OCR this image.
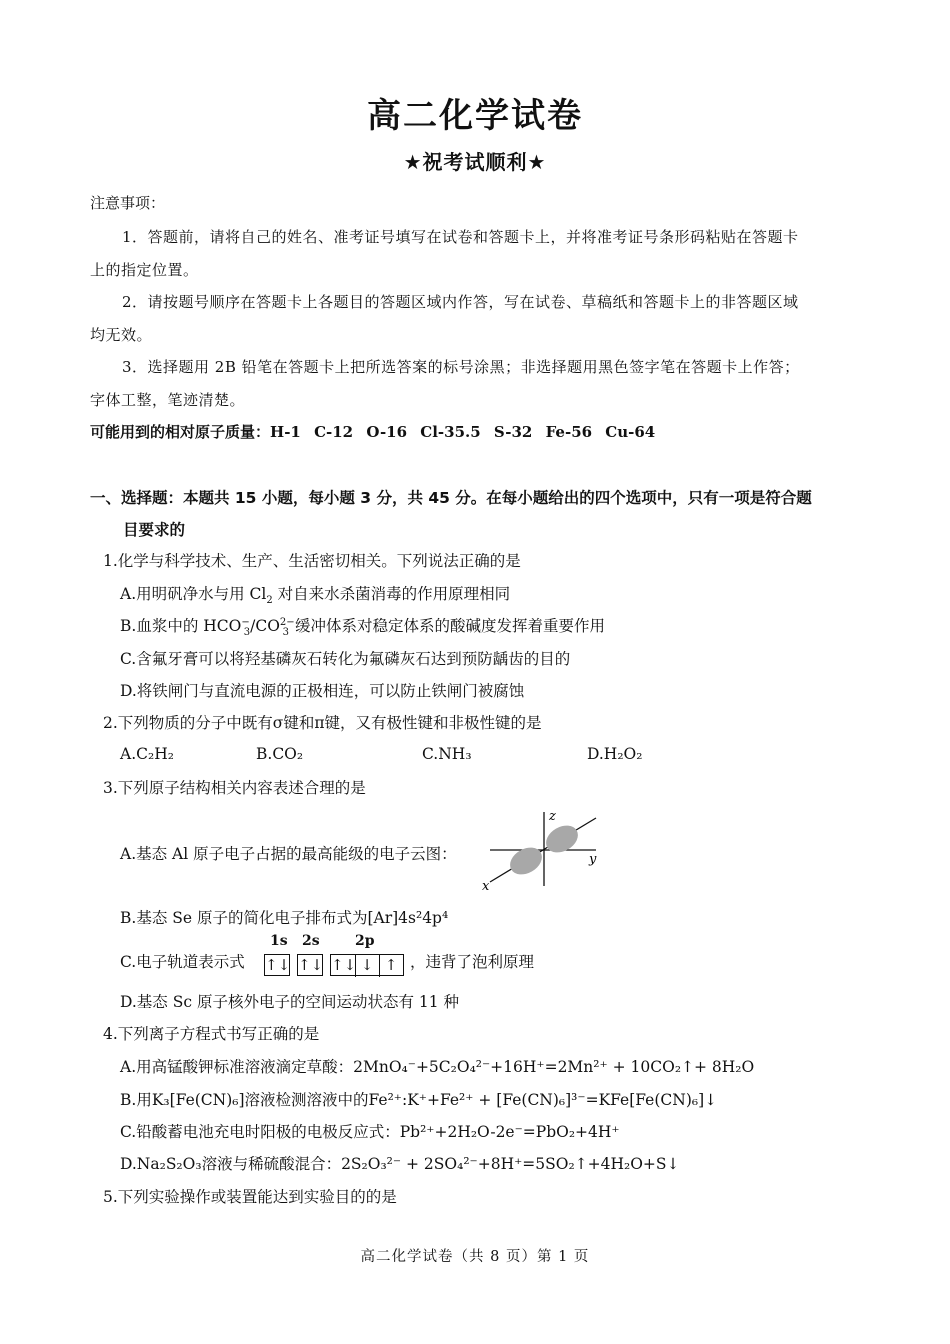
高二化学试卷
★祝考试顺利★
注意事项：
1．答题前，请将自己的姓名、准考证号填写在试卷和答题卡上，并将准考证号条形码粘贴在答题卡
上的指定位置。
2．请按题号顺序在答题卡上各题目的答题区域内作答，写在试卷、草稿纸和答题卡上的非答题区域
均无效。
3．选择题用 2B 铅笔在答题卡上把所选答案的标号涂黑；非选择题用黑色签字笔在答题卡上作答；
字体工整，笔迹清楚。
可能用到的相对原子质量：H-1 C-12 O-16 Cl-35.5 S-32 Fe-56 Cu-64
一、选择题：本题共 15 小题，每小题 3 分，共 45 分。在每小题给出的四个选项中，只有一项是符合题
目要求的
1.化学与科学技术、生产、生活密切相关。下列说法正确的是
A.用明矾净水与用 $Cl_2$ 对自来水杀菌消毒的作用原理相同
B.血浆中的 $HCO^-_3/CO^{2-}_3$ 缓冲体系对稳定体系的酸碱度发挥着重要作用
C.含氟牙膏可以将羟基磷灰石转化为氟磷灰石达到预防龋齿的目的
D.将铁闸门与直流电源的正极相连，可以防止铁闸门被腐蚀
2.下列物质的分子中既有σ键和π键，又有极性键和非极性键的是
A.C₂H₂	B.CO₂	C.NH₃	D.H₂O₂
3.下列原子结构相关内容表述合理的是
A.基态 Al 原子电子占据的最高能级的电子云图：
z
y
x
B.基态 Se 原子的简化电子排布式为[Ar]4s²4p⁴
C.电子轨道表示式
1s 2s	2p
↑↓ ↑↓ ↑↓ ↓ ↑ ，违背了泡利原理
D.基态 Sc 原子核外电子的空间运动状态有 11 种
4.下列离子方程式书写正确的是
A.用高锰酸钾标准溶液滴定草酸：2MnO₄⁻+5C₂O₄²⁻+16H⁺=2Mn²⁺ + 10CO₂↑+ 8H₂O
B.用K₃[Fe(CN)₆]溶液检测溶液中的Fe²⁺:K⁺+Fe²⁺ + [Fe(CN)₆]³⁻=KFe[Fe(CN)₆]↓
C.铅酸蓄电池充电时阳极的电极反应式：Pb²⁺+2H₂O-2e⁻=PbO₂+4H⁺
D.Na₂S₂O₃溶液与稀硫酸混合：2S₂O₃²⁻ + 2SO₄²⁻+8H⁺=5SO₂↑+4H₂O+S↓
5.下列实验操作或装置能达到实验目的的是
高二化学试卷（共 8 页）第 1 页
